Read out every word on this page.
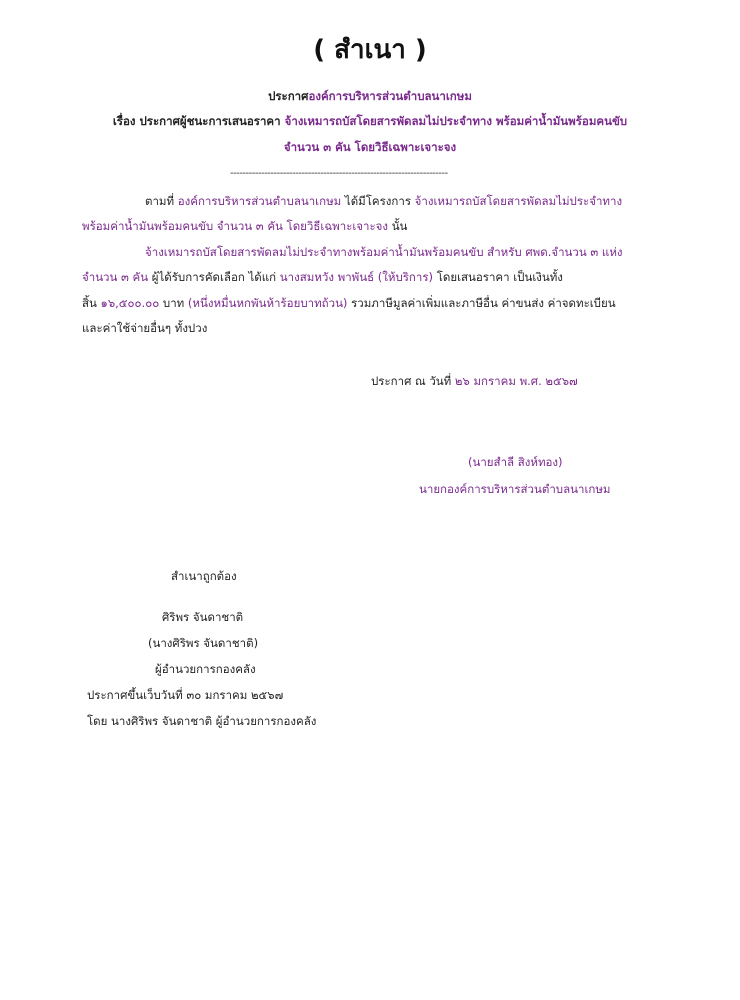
( สำเนา )
ประกาศองค์การบริหารส่วนตำบลนาเกษม
เรื่อง ประกาศผู้ชนะการเสนอราคา จ้างเหมารถบัสโดยสารพัดลมไม่ประจำทาง พร้อมค่าน้ำมันพร้อมคนขับ
จำนวน ๓ คัน โดยวิธีเฉพาะเจาะจง
----------------------------------------------------------------------
ตามที่ องค์การบริหารส่วนตำบลนาเกษม ได้มีโครงการ จ้างเหมารถบัสโดยสารพัดลมไม่ประจำทาง
พร้อมค่าน้ำมันพร้อมคนขับ จำนวน ๓ คัน โดยวิธีเฉพาะเจาะจง นั้น
จ้างเหมารถบัสโดยสารพัดลมไม่ประจำทางพร้อมค่าน้ำมันพร้อมคนขับ สำหรับ ศพด.จำนวน ๓ แห่ง
จำนวน ๓ คัน ผู้ได้รับการคัดเลือก ได้แก่ นางสมหวัง พาพันธ์ (ให้บริการ) โดยเสนอราคา เป็นเงินทั้ง
สิ้น ๑๖,๕๐๐.๐๐ บาท (หนึ่งหมื่นหกพันห้าร้อยบาทถ้วน) รวมภาษีมูลค่าเพิ่มและภาษีอื่น ค่าขนส่ง ค่าจดทะเบียน
และค่าใช้จ่ายอื่นๆ ทั้งปวง
ประกาศ ณ วันที่ ๒๖ มกราคม พ.ศ. ๒๕๖๗
(นายสำลี สิงห์ทอง)
นายกองค์การบริหารส่วนตำบลนาเกษม
สำเนาถูกต้อง
ศิริพร จันดาชาติ
(นางศิริพร จันดาชาติ)
ผู้อำนวยการกองคลัง
ประกาศขึ้นเว็บวันที่ ๓๐ มกราคม ๒๕๖๗
โดย นางศิริพร จันดาชาติ ผู้อำนวยการกองคลัง
